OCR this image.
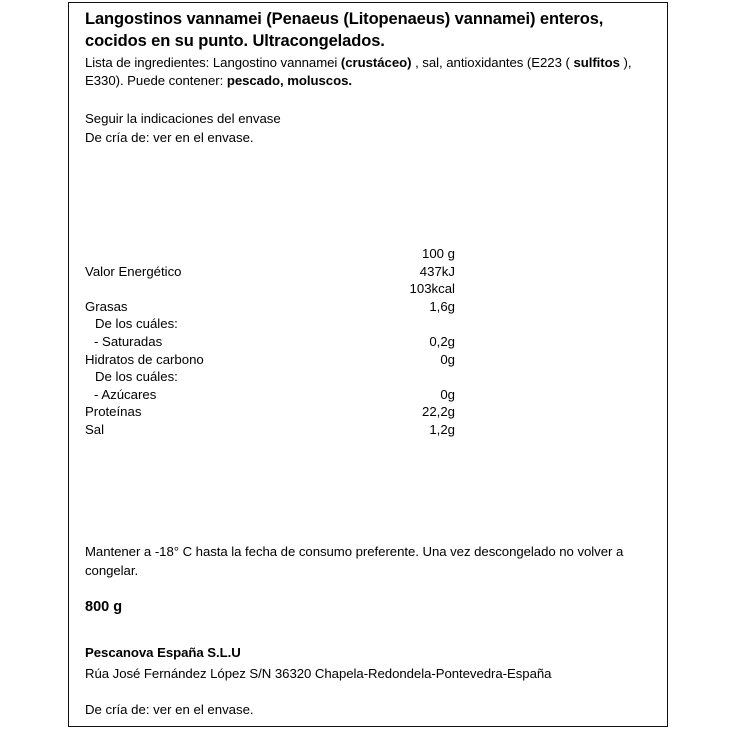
Langostinos vannamei (Penaeus (Litopenaeus) vannamei) enteros, cocidos en su punto. Ultracongelados.
Lista de ingredientes: Langostino vannamei (crustáceo) , sal, antioxidantes (E223 ( sulfitos ), E330). Puede contener: pescado, moluscos.
Seguir la indicaciones del envase
De cría de: ver en el envase.
	100 g
Valor Energético	437kJ
	103kcal
Grasas	1,6g
De los cuáles:	
- Saturadas	0,2g
Hidratos de carbono	0g
De los cuáles:	
- Azúcares	0g
Proteínas	22,2g
Sal	1,2g
Mantener a -18° C hasta la fecha de consumo preferente. Una vez descongelado no volver a congelar.
800 g
Pescanova España S.L.U
Rúa José Fernández López S/N 36320 Chapela-Redondela-Pontevedra-España
De cría de: ver en el envase.
